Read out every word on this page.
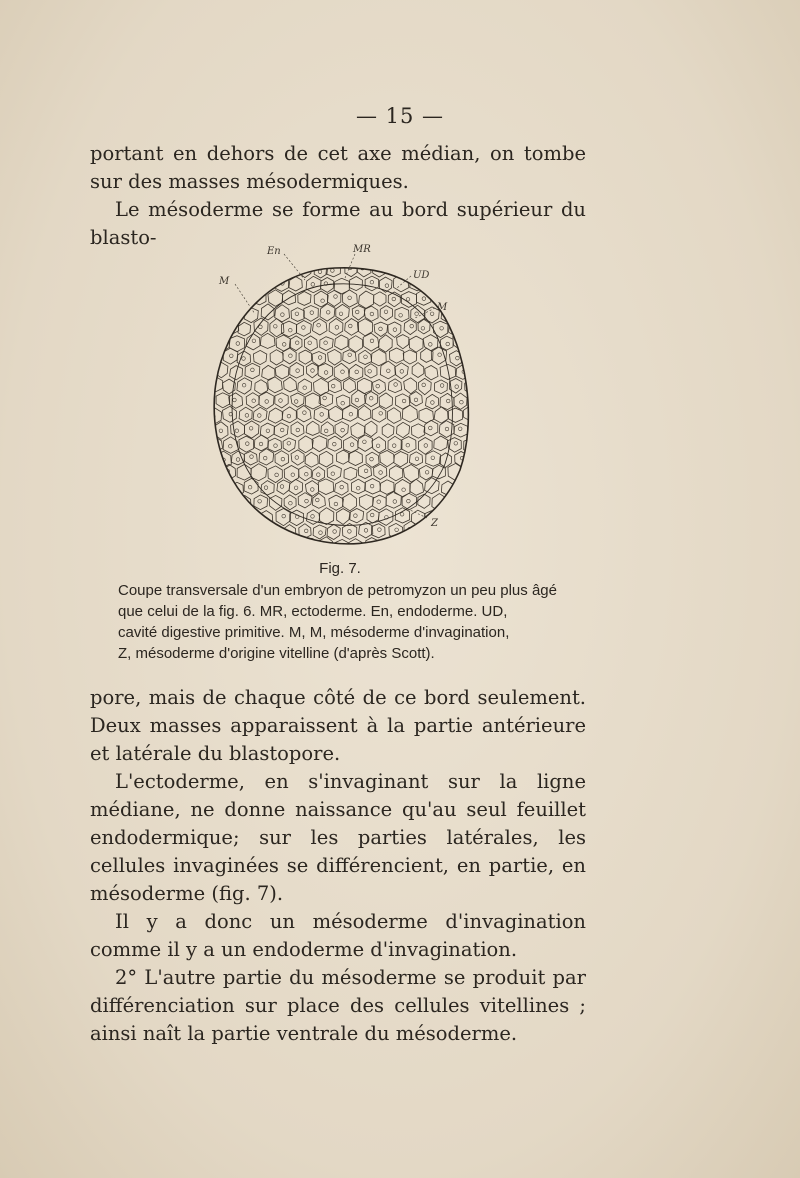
— 15 —

portant en dehors de cet axe médian, on tombe sur des masses mésodermiques.

Le mésoderme se forme au bord supérieur du blasto-

En	MR
M
UD
M
Z
Fig. 7.
Coupe transversale d'un embryon de petromyzon un peu plus âgé
que celui de la fig. 6. MR, ectoderme. En, endoderme. UD,
cavité digestive primitive. M, M, mésoderme d'invagination,
Z, mésoderme d'origine vitelline (d'après Scott).

pore, mais de chaque côté de ce bord seulement. Deux masses apparaissent à la partie antérieure et latérale du blastopore.

L'ectoderme, en s'invaginant sur la ligne médiane, ne donne naissance qu'au seul feuillet endodermique; sur les parties latérales, les cellules invaginées se différencient, en partie, en mésoderme (fig. 7).

Il y a donc un mésoderme d'invagination comme il y a un endoderme d'invagination.

2° L'autre partie du mésoderme se produit par différenciation sur place des cellules vitellines ; ainsi naît la partie ventrale du mésoderme.
